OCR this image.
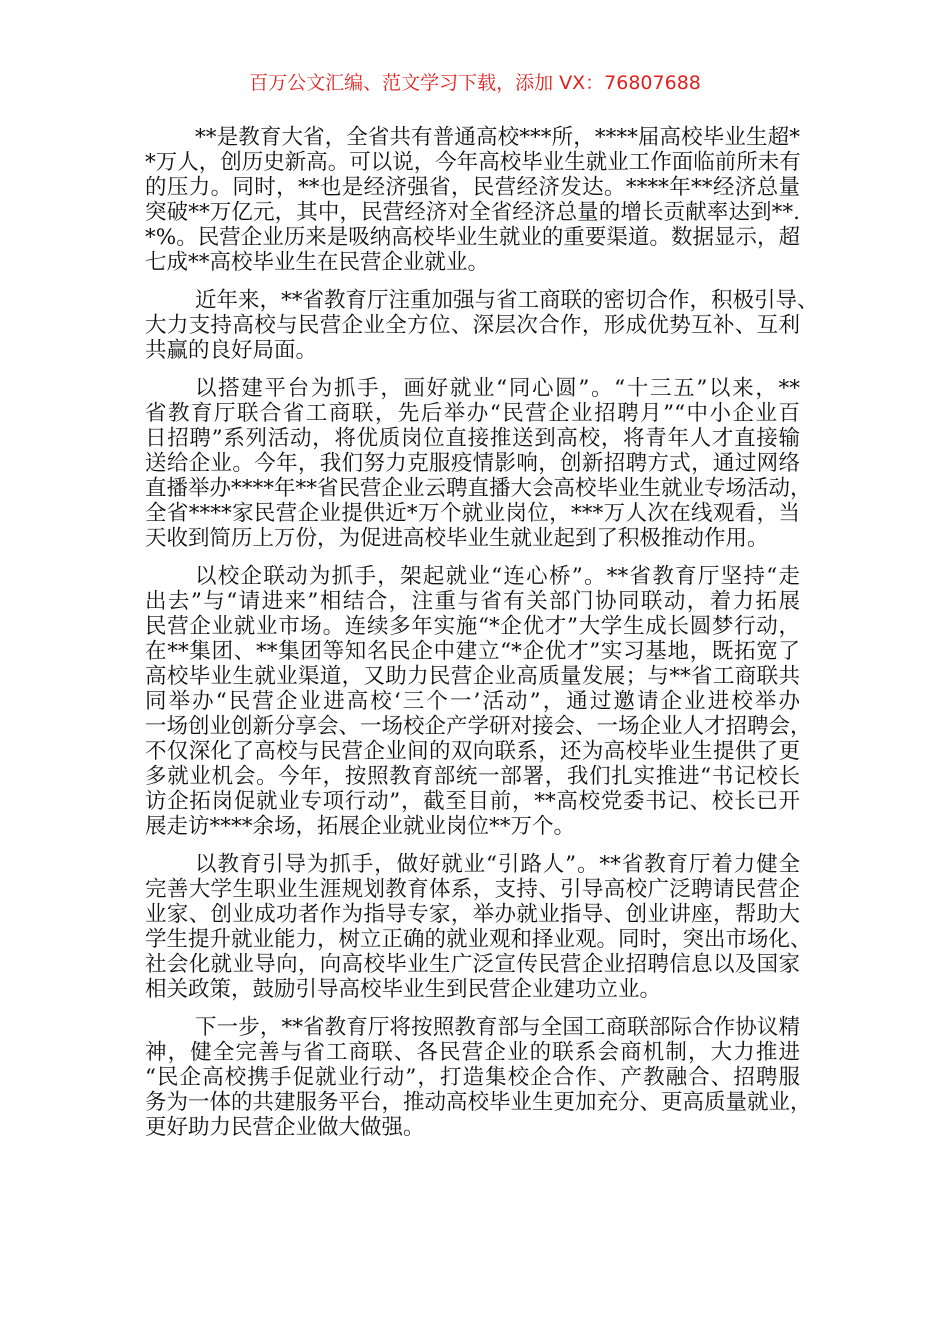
百万公文汇编、范文学习下载，添加 VX：76807688
**是教育大省，全省共有普通高校***所，****届高校毕业生超*
*万人，创历史新高。可以说，今年高校毕业生就业工作面临前所未有
的压力。同时，**也是经济强省，民营经济发达。****年**经济总量
突破**万亿元，其中，民营经济对全省经济总量的增长贡献率达到**.
*%。民营企业历来是吸纳高校毕业生就业的重要渠道。数据显示，超
七成**高校毕业生在民营企业就业。
近年来，**省教育厅注重加强与省工商联的密切合作，积极引导、
大力支持高校与民营企业全方位、深层次合作，形成优势互补、互利
共赢的良好局面。
以搭建平台为抓手，画好就业“同心圆”。“十三五”以来，**
省教育厅联合省工商联，先后举办“民营企业招聘月”“中小企业百
日招聘”系列活动，将优质岗位直接推送到高校，将青年人才直接输
送给企业。今年，我们努力克服疫情影响，创新招聘方式，通过网络
直播举办****年**省民营企业云聘直播大会高校毕业生就业专场活动，
全省****家民营企业提供近*万个就业岗位，***万人次在线观看，当
天收到简历上万份，为促进高校毕业生就业起到了积极推动作用。
以校企联动为抓手，架起就业“连心桥”。**省教育厅坚持“走
出去”与“请进来”相结合，注重与省有关部门协同联动，着力拓展
民营企业就业市场。连续多年实施“*企优才”大学生成长圆梦行动，
在**集团、**集团等知名民企中建立“*企优才”实习基地，既拓宽了
高校毕业生就业渠道，又助力民营企业高质量发展；与**省工商联共
同举办“民营企业进高校‘三个一’活动”，通过邀请企业进校举办
一场创业创新分享会、一场校企产学研对接会、一场企业人才招聘会，
不仅深化了高校与民营企业间的双向联系，还为高校毕业生提供了更
多就业机会。今年，按照教育部统一部署，我们扎实推进“书记校长
访企拓岗促就业专项行动”，截至目前，**高校党委书记、校长已开
展走访****余场，拓展企业就业岗位**万个。
以教育引导为抓手，做好就业“引路人”。**省教育厅着力健全
完善大学生职业生涯规划教育体系，支持、引导高校广泛聘请民营企
业家、创业成功者作为指导专家，举办就业指导、创业讲座，帮助大
学生提升就业能力，树立正确的就业观和择业观。同时，突出市场化、
社会化就业导向，向高校毕业生广泛宣传民营企业招聘信息以及国家
相关政策，鼓励引导高校毕业生到民营企业建功立业。
下一步，**省教育厅将按照教育部与全国工商联部际合作协议精
神，健全完善与省工商联、各民营企业的联系会商机制，大力推进
“民企高校携手促就业行动”，打造集校企合作、产教融合、招聘服
务为一体的共建服务平台，推动高校毕业生更加充分、更高质量就业，
更好助力民营企业做大做强。
